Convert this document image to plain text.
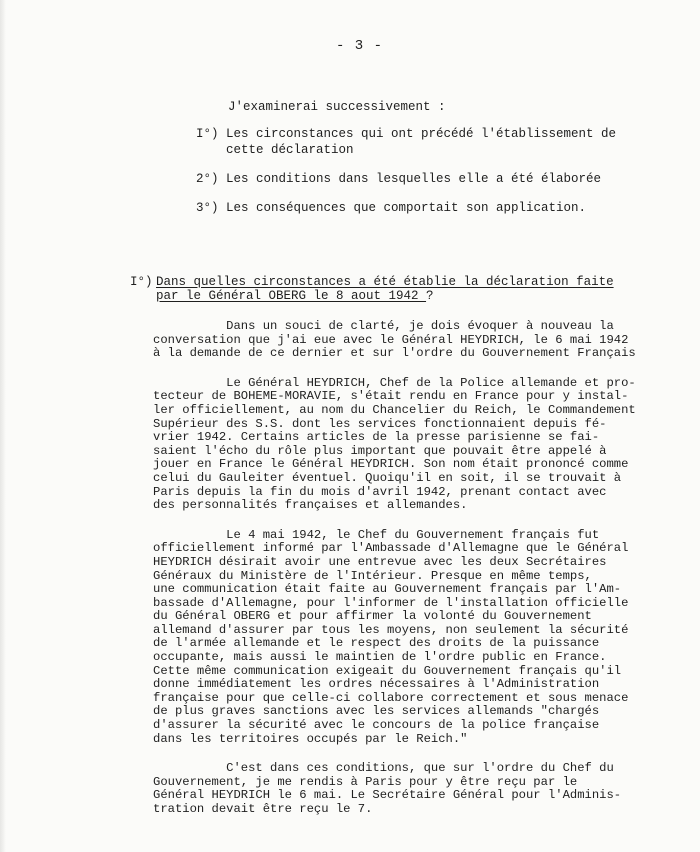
- 3 -
J'examinerai successivement :
I°) Les circonstances qui ont précédé l'établissement de
cette déclaration
2°) Les conditions dans lesquelles elle a été élaborée
3°) Les conséquences que comportait son application.
I°) Dans quelles circonstances a été établie la déclaration faite
par le Général OBERG le 8 aout 1942 ?
Dans un souci de clarté, je dois évoquer à nouveau la
conversation que j'ai eue avec le Général HEYDRICH, le 6 mai 1942
à la demande de ce dernier et sur l'ordre du Gouvernement Français
Le Général HEYDRICH, Chef de la Police allemande et pro-
tecteur de BOHEME-MORAVIE, s'était rendu en France pour y instal-
ler officiellement, au nom du Chancelier du Reich, le Commandement
Supérieur des S.S. dont les services fonctionnaient depuis fé-
vrier 1942. Certains articles de la presse parisienne se fai-
saient l'écho du rôle plus important que pouvait être appelé à
jouer en France le Général HEYDRICH. Son nom était prononcé comme
celui du Gauleiter éventuel. Quoiqu'il en soit, il se trouvait à
Paris depuis la fin du mois d'avril 1942, prenant contact avec
des personnalités françaises et allemandes.
Le 4 mai 1942, le Chef du Gouvernement français fut
officiellement informé par l'Ambassade d'Allemagne que le Général
HEYDRICH désirait avoir une entrevue avec les deux Secrétaires
Généraux du Ministère de l'Intérieur. Presque en même temps,
une communication était faite au Gouvernement français par l'Am-
bassade d'Allemagne, pour l'informer de l'installation officielle
du Général OBERG et pour affirmer la volonté du Gouvernement
allemand d'assurer par tous les moyens, non seulement la sécurité
de l'armée allemande et le respect des droits de la puissance
occupante, mais aussi le maintien de l'ordre public en France.
Cette même communication exigeait du Gouvernement français qu'il
donne immédiatement les ordres nécessaires à l'Administration
française pour que celle-ci collabore correctement et sous menace
de plus graves sanctions avec les services allemands "chargés
d'assurer la sécurité avec le concours de la police française
dans les territoires occupés par le Reich."
C'est dans ces conditions, que sur l'ordre du Chef du
Gouvernement, je me rendis à Paris pour y être reçu par le
Général HEYDRICH le 6 mai. Le Secrétaire Général pour l'Adminis-
tration devait être reçu le 7.
